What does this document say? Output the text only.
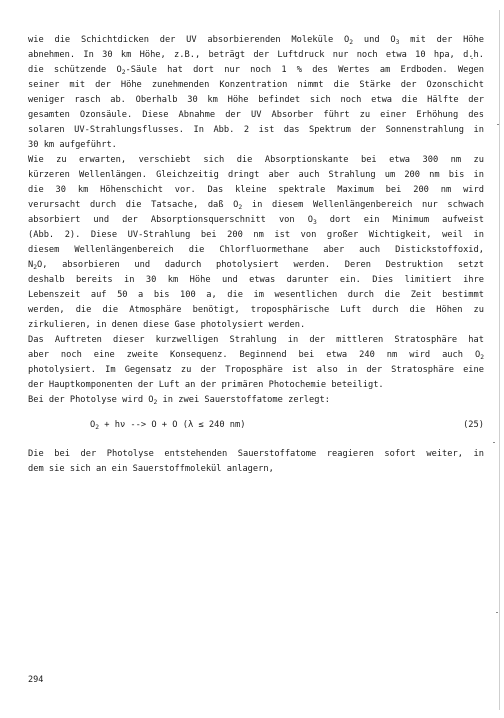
wie die Schichtdicken der UV absorbierenden Moleküle $O_2$ und $O_3$ mit der Höhe
abnehmen. In 30 km Höhe, z.B., beträgt der Luftdruck nur noch etwa 10 hpa, d.h.
die schützende $O_2$-Säule hat dort nur noch 1 % des Wertes am Erdboden. Wegen
seiner mit der Höhe zunehmenden Konzentration nimmt die Stärke der Ozonschicht
weniger rasch ab. Oberhalb 30 km Höhe befindet sich noch etwa die Hälfte der
gesamten Ozonsäule. Diese Abnahme der UV Absorber führt zu einer Erhöhung des
solaren UV-Strahlungsflusses. In Abb. 2 ist das Spektrum der Sonnenstrahlung in
30 km aufgeführt.
Wie zu erwarten, verschiebt sich die Absorptionskante bei etwa 300 nm zu
kürzeren Wellenlängen. Gleichzeitig dringt aber auch Strahlung um 200 nm bis in
die 30 km Höhenschicht vor. Das kleine spektrale Maximum bei 200 nm wird
verursacht durch die Tatsache, daß $O_2$ in diesem Wellenlängenbereich nur schwach
absorbiert und der Absorptionsquerschnitt von $O_3$ dort ein Minimum aufweist
(Abb. 2). Diese UV-Strahlung bei 200 nm ist von großer Wichtigkeit, weil in
diesem Wellenlängenbereich die Chlorfluormethane aber auch Distickstoffoxid,
$N_2O$, absorbieren und dadurch photolysiert werden. Deren Destruktion setzt
deshalb bereits in 30 km Höhe und etwas darunter ein. Dies limitiert ihre
Lebenszeit auf 50 a bis 100 a, die im wesentlichen durch die Zeit bestimmt
werden, die die Atmosphäre benötigt, troposphärische Luft durch die Höhen zu
zirkulieren, in denen diese Gase photolysiert werden.
Das Auftreten dieser kurzwelligen Strahlung in der mittleren Stratosphäre hat
aber noch eine zweite Konsequenz. Beginnend bei etwa 240 nm wird auch $O_2$
photolysiert. Im Gegensatz zu der Troposphäre ist also in der Stratosphäre eine
der Hauptkomponenten der Luft an der primären Photochemie beteiligt.
Bei der Photolyse wird $O_2$ in zwei Sauerstoffatome zerlegt:
$O_2 + h\nu$ --> O + O (λ ≤ 240 nm)	(25)
Die bei der Photolyse entstehenden Sauerstoffatome reagieren sofort weiter, in
dem sie sich an ein Sauerstoffmolekül anlagern,
294
